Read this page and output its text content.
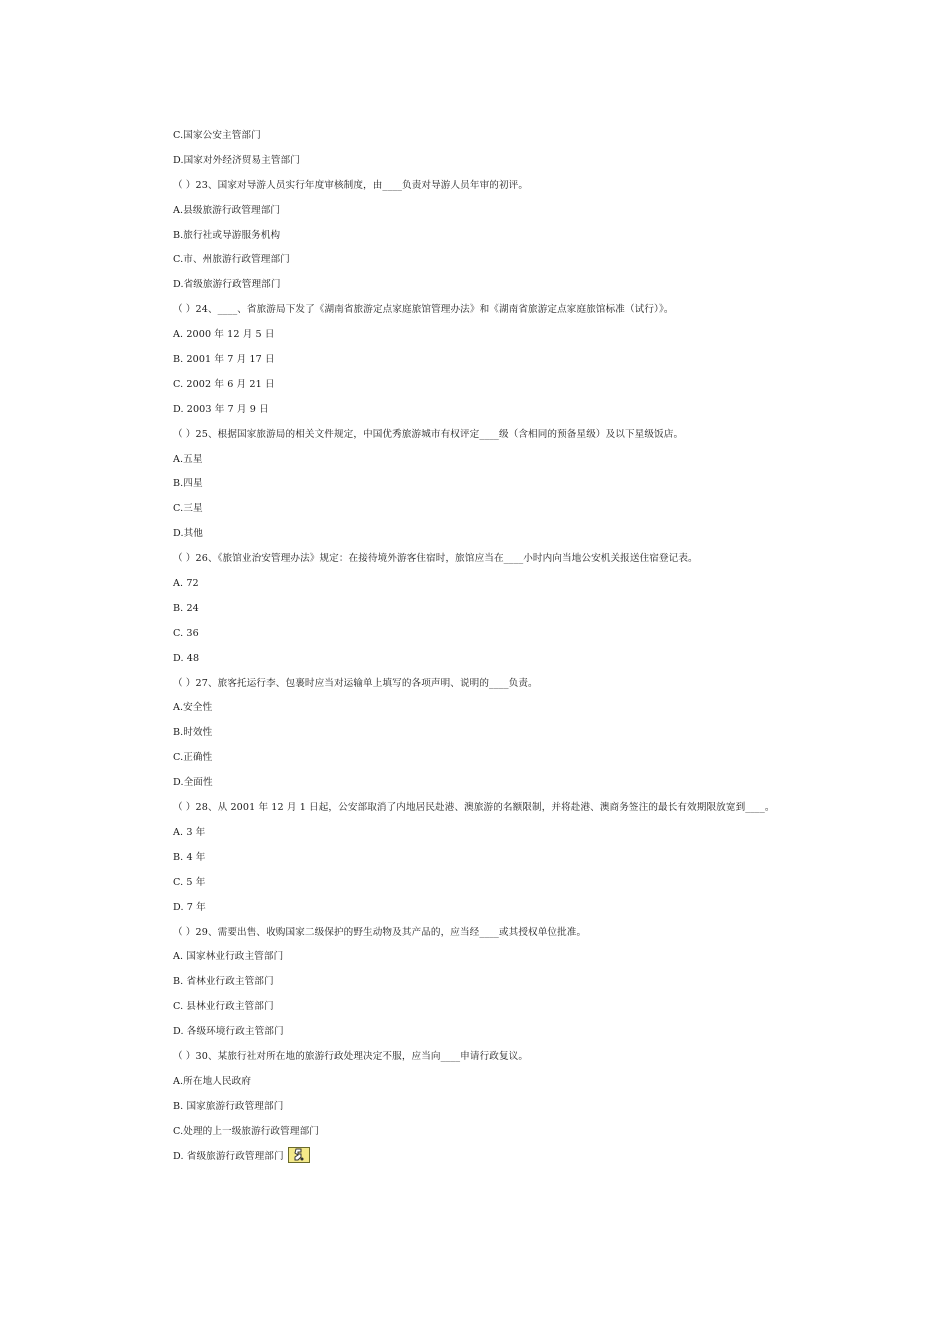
C.国家公安主管部门
D.国家对外经济贸易主管部门
（ ）23、国家对导游人员实行年度审核制度，由____负责对导游人员年审的初评。
A.县级旅游行政管理部门
B.旅行社或导游服务机构
C.市、州旅游行政管理部门
D.省级旅游行政管理部门
（ ）24、____、省旅游局下发了《湖南省旅游定点家庭旅馆管理办法》和《湖南省旅游定点家庭旅馆标准（试行）》。
A. 2000 年 12 月 5 日
B. 2001 年 7 月 17 日
C. 2002 年 6 月 21 日
D. 2003 年 7 月 9 日
（ ）25、根据国家旅游局的相关文件规定，中国优秀旅游城市有权评定____级（含相同的预备星级）及以下星级饭店。
A.五星
B.四星
C.三星
D.其他
（ ）26、《旅馆业治安管理办法》规定：在接待境外游客住宿时，旅馆应当在____小时内向当地公安机关报送住宿登记表。
A. 72
B. 24
C. 36
D. 48
（ ）27、旅客托运行李、包裹时应当对运输单上填写的各项声明、说明的____负责。
A.安全性
B.时效性
C.正确性
D.全面性
（ ）28、从 2001 年 12 月 1 日起，公安部取消了内地居民赴港、澳旅游的名额限制，并将赴港、澳商务签注的最长有效期限放宽到____。
A. 3 年
B. 4 年
C. 5 年
D. 7 年
（ ）29、需要出售、收购国家二级保护的野生动物及其产品的，应当经____或其授权单位批准。
A. 国家林业行政主管部门
B. 省林业行政主管部门
C. 县林业行政主管部门
D. 各级环境行政主管部门
（ ）30、某旅行社对所在地的旅游行政处理决定不服，应当向____申请行政复议。
A.所在地人民政府
B. 国家旅游行政管理部门
C.处理的上一级旅游行政管理部门
D. 省级旅游行政管理部门
